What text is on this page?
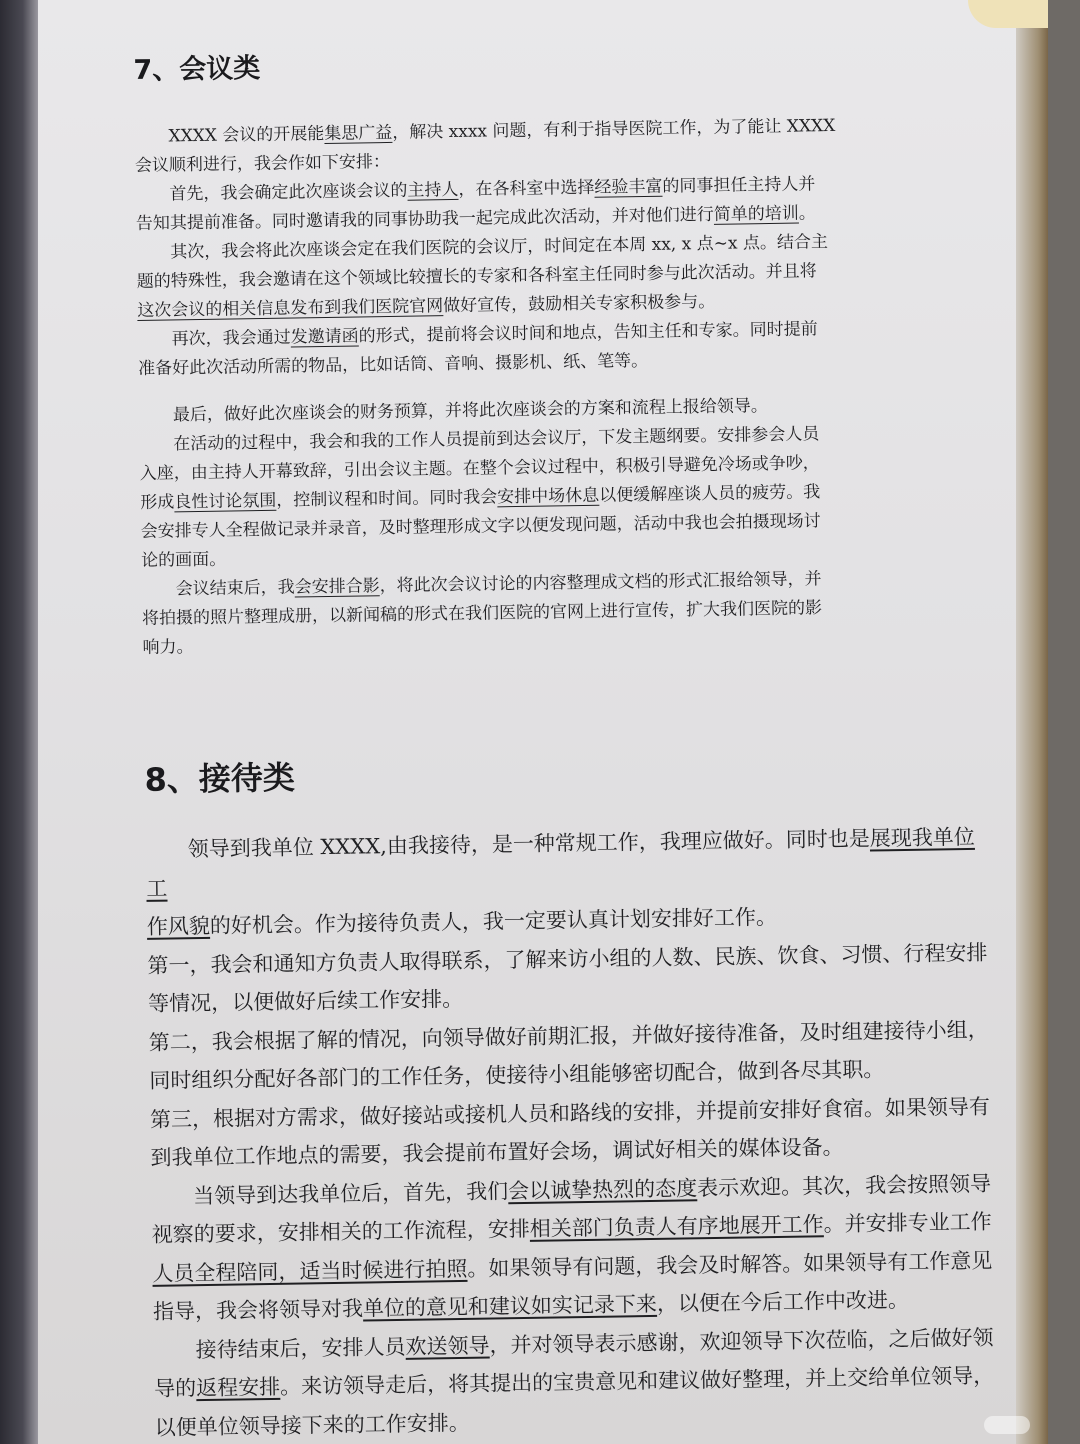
7、会议类

XXXX 会议的开展能集思广益，解决 xxxx 问题，有利于指导医院工作，为了能让 XXXX

会议顺利进行，我会作如下安排：

首先，我会确定此次座谈会议的主持人，在各科室中选择经验丰富的同事担任主持人并

告知其提前准备。同时邀请我的同事协助我一起完成此次活动，并对他们进行简单的培训。

其次，我会将此次座谈会定在我们医院的会议厅，时间定在本周 xx, x 点~x 点。结合主

题的特殊性，我会邀请在这个领域比较擅长的专家和各科室主任同时参与此次活动。并且将

这次会议的相关信息发布到我们医院官网做好宣传，鼓励相关专家积极参与。

再次，我会通过发邀请函的形式，提前将会议时间和地点，告知主任和专家。同时提前

准备好此次活动所需的物品，比如话筒、音响、摄影机、纸、笔等。

最后，做好此次座谈会的财务预算，并将此次座谈会的方案和流程上报给领导。

在活动的过程中，我会和我的工作人员提前到达会议厅，下发主题纲要。安排参会人员

入座，由主持人开幕致辞，引出会议主题。在整个会议过程中，积极引导避免冷场或争吵，

形成良性讨论氛围，控制议程和时间。同时我会安排中场休息以便缓解座谈人员的疲劳。我

会安排专人全程做记录并录音，及时整理形成文字以便发现问题，活动中我也会拍摄现场讨

论的画面。

会议结束后，我会安排合影，将此次会议讨论的内容整理成文档的形式汇报给领导，并

将拍摄的照片整理成册，以新闻稿的形式在我们医院的官网上进行宣传，扩大我们医院的影

响力。

8、接待类

领导到我单位 XXXX,由我接待，是一种常规工作，我理应做好。同时也是展现我单位工

作风貌的好机会。作为接待负责人，我一定要认真计划安排好工作。

第一，我会和通知方负责人取得联系，了解来访小组的人数、民族、饮食、习惯、行程安排

等情况，以便做好后续工作安排。

第二，我会根据了解的情况，向领导做好前期汇报，并做好接待准备，及时组建接待小组，

同时组织分配好各部门的工作任务，使接待小组能够密切配合，做到各尽其职。

第三，根据对方需求，做好接站或接机人员和路线的安排，并提前安排好食宿。如果领导有

到我单位工作地点的需要，我会提前布置好会场，调试好相关的媒体设备。

当领导到达我单位后，首先，我们会以诚挚热烈的态度表示欢迎。其次，我会按照领导

视察的要求，安排相关的工作流程，安排相关部门负责人有序地展开工作。并安排专业工作

人员全程陪同，适当时候进行拍照。如果领导有问题，我会及时解答。如果领导有工作意见

指导，我会将领导对我单位的意见和建议如实记录下来，以便在今后工作中改进。

接待结束后，安排人员欢送领导，并对领导表示感谢，欢迎领导下次莅临，之后做好领

导的返程安排。来访领导走后，将其提出的宝贵意见和建议做好整理，并上交给单位领导，

以便单位领导接下来的工作安排。
